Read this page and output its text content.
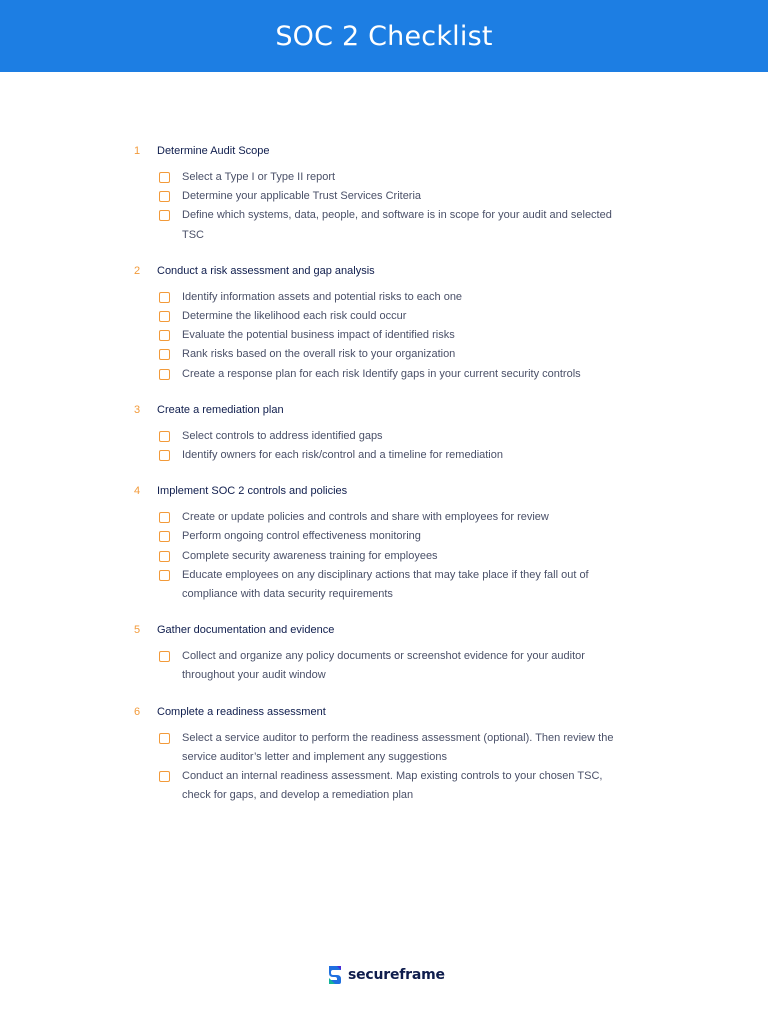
SOC 2 Checklist
1	Determine Audit Scope
Select a Type I or Type II report
Determine your applicable Trust Services Criteria
Define which systems, data, people, and software is in scope for your audit and selected TSC
2	Conduct a risk assessment and gap analysis
Identify information assets and potential risks to each one
Determine the likelihood each risk could occur
Evaluate the potential business impact of identified risks
Rank risks based on the overall risk to your organization
Create a response plan for each risk Identify gaps in your current security controls
3	Create a remediation plan
Select controls to address identified gaps
Identify owners for each risk/control and a timeline for remediation
4	Implement SOC 2 controls and policies
Create or update policies and controls and share with employees for review
Perform ongoing control effectiveness monitoring
Complete security awareness training for employees
Educate employees on any disciplinary actions that may take place if they fall out of compliance with data security requirements
5	Gather documentation and evidence
Collect and organize any policy documents or screenshot evidence for your auditor throughout your audit window
6	Complete a readiness assessment
Select a service auditor to perform the readiness assessment (optional). Then review the service auditor’s letter and implement any suggestions
Conduct an internal readiness assessment. Map existing controls to your chosen TSC, check for gaps, and develop a remediation plan
secureframe
